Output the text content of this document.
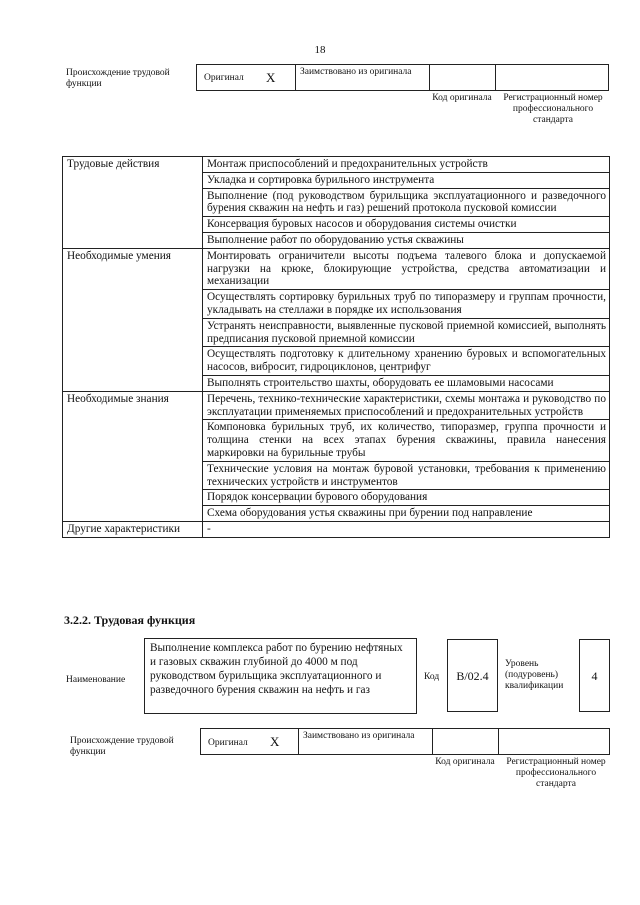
18
Происхождение трудовой функции
Оригинал X	Заимствовано из оригинала
Код оригинала	Регистрационный номер профессионального стандарта
Трудовые действия	Монтаж приспособлений и предохранительных устройств
	Укладка и сортировка бурильного инструмента
	Выполнение (под руководством бурильщика эксплуатационного и разведочного бурения скважин на нефть и газ) решений протокола пусковой комиссии
	Консервация буровых насосов и оборудования системы очистки
	Выполнение работ по оборудованию устья скважины
Необходимые умения	Монтировать ограничители высоты подъема талевого блока и допускаемой нагрузки на крюке, блокирующие устройства, средства автоматизации и механизации
	Осуществлять сортировку бурильных труб по типоразмеру и группам прочности, укладывать на стеллажи в порядке их использования
	Устранять неисправности, выявленные пусковой приемной комиссией, выполнять предписания пусковой приемной комиссии
	Осуществлять подготовку к длительному хранению буровых и вспомогательных насосов, вибросит, гидроциклонов, центрифуг
	Выполнять строительство шахты, оборудовать ее шламовыми насосами
Необходимые знания	Перечень, технико-технические характеристики, схемы монтажа и руководство по эксплуатации применяемых приспособлений и предохранительных устройств
	Компоновка бурильных труб, их количество, типоразмер, группа прочности и толщина стенки на всех этапах бурения скважины, правила нанесения маркировки на бурильные трубы
	Технические условия на монтаж буровой установки, требования к применению технических устройств и инструментов
	Порядок консервации бурового оборудования
	Схема оборудования устья скважины при бурении под направление
Другие характеристики	-
3.2.2. Трудовая функция
Наименование
Выполнение комплекса работ по бурению нефтяных и газовых скважин глубиной до 4000 м под руководством бурильщика эксплуатационного и разведочного бурения скважин на нефть и газ
Код	В/02.4
Уровень (подуровень) квалификации
4
Происхождение трудовой функции
Оригинал X Заимствовано из оригинала
Код оригинала	Регистрационный номер профессионального стандарта
